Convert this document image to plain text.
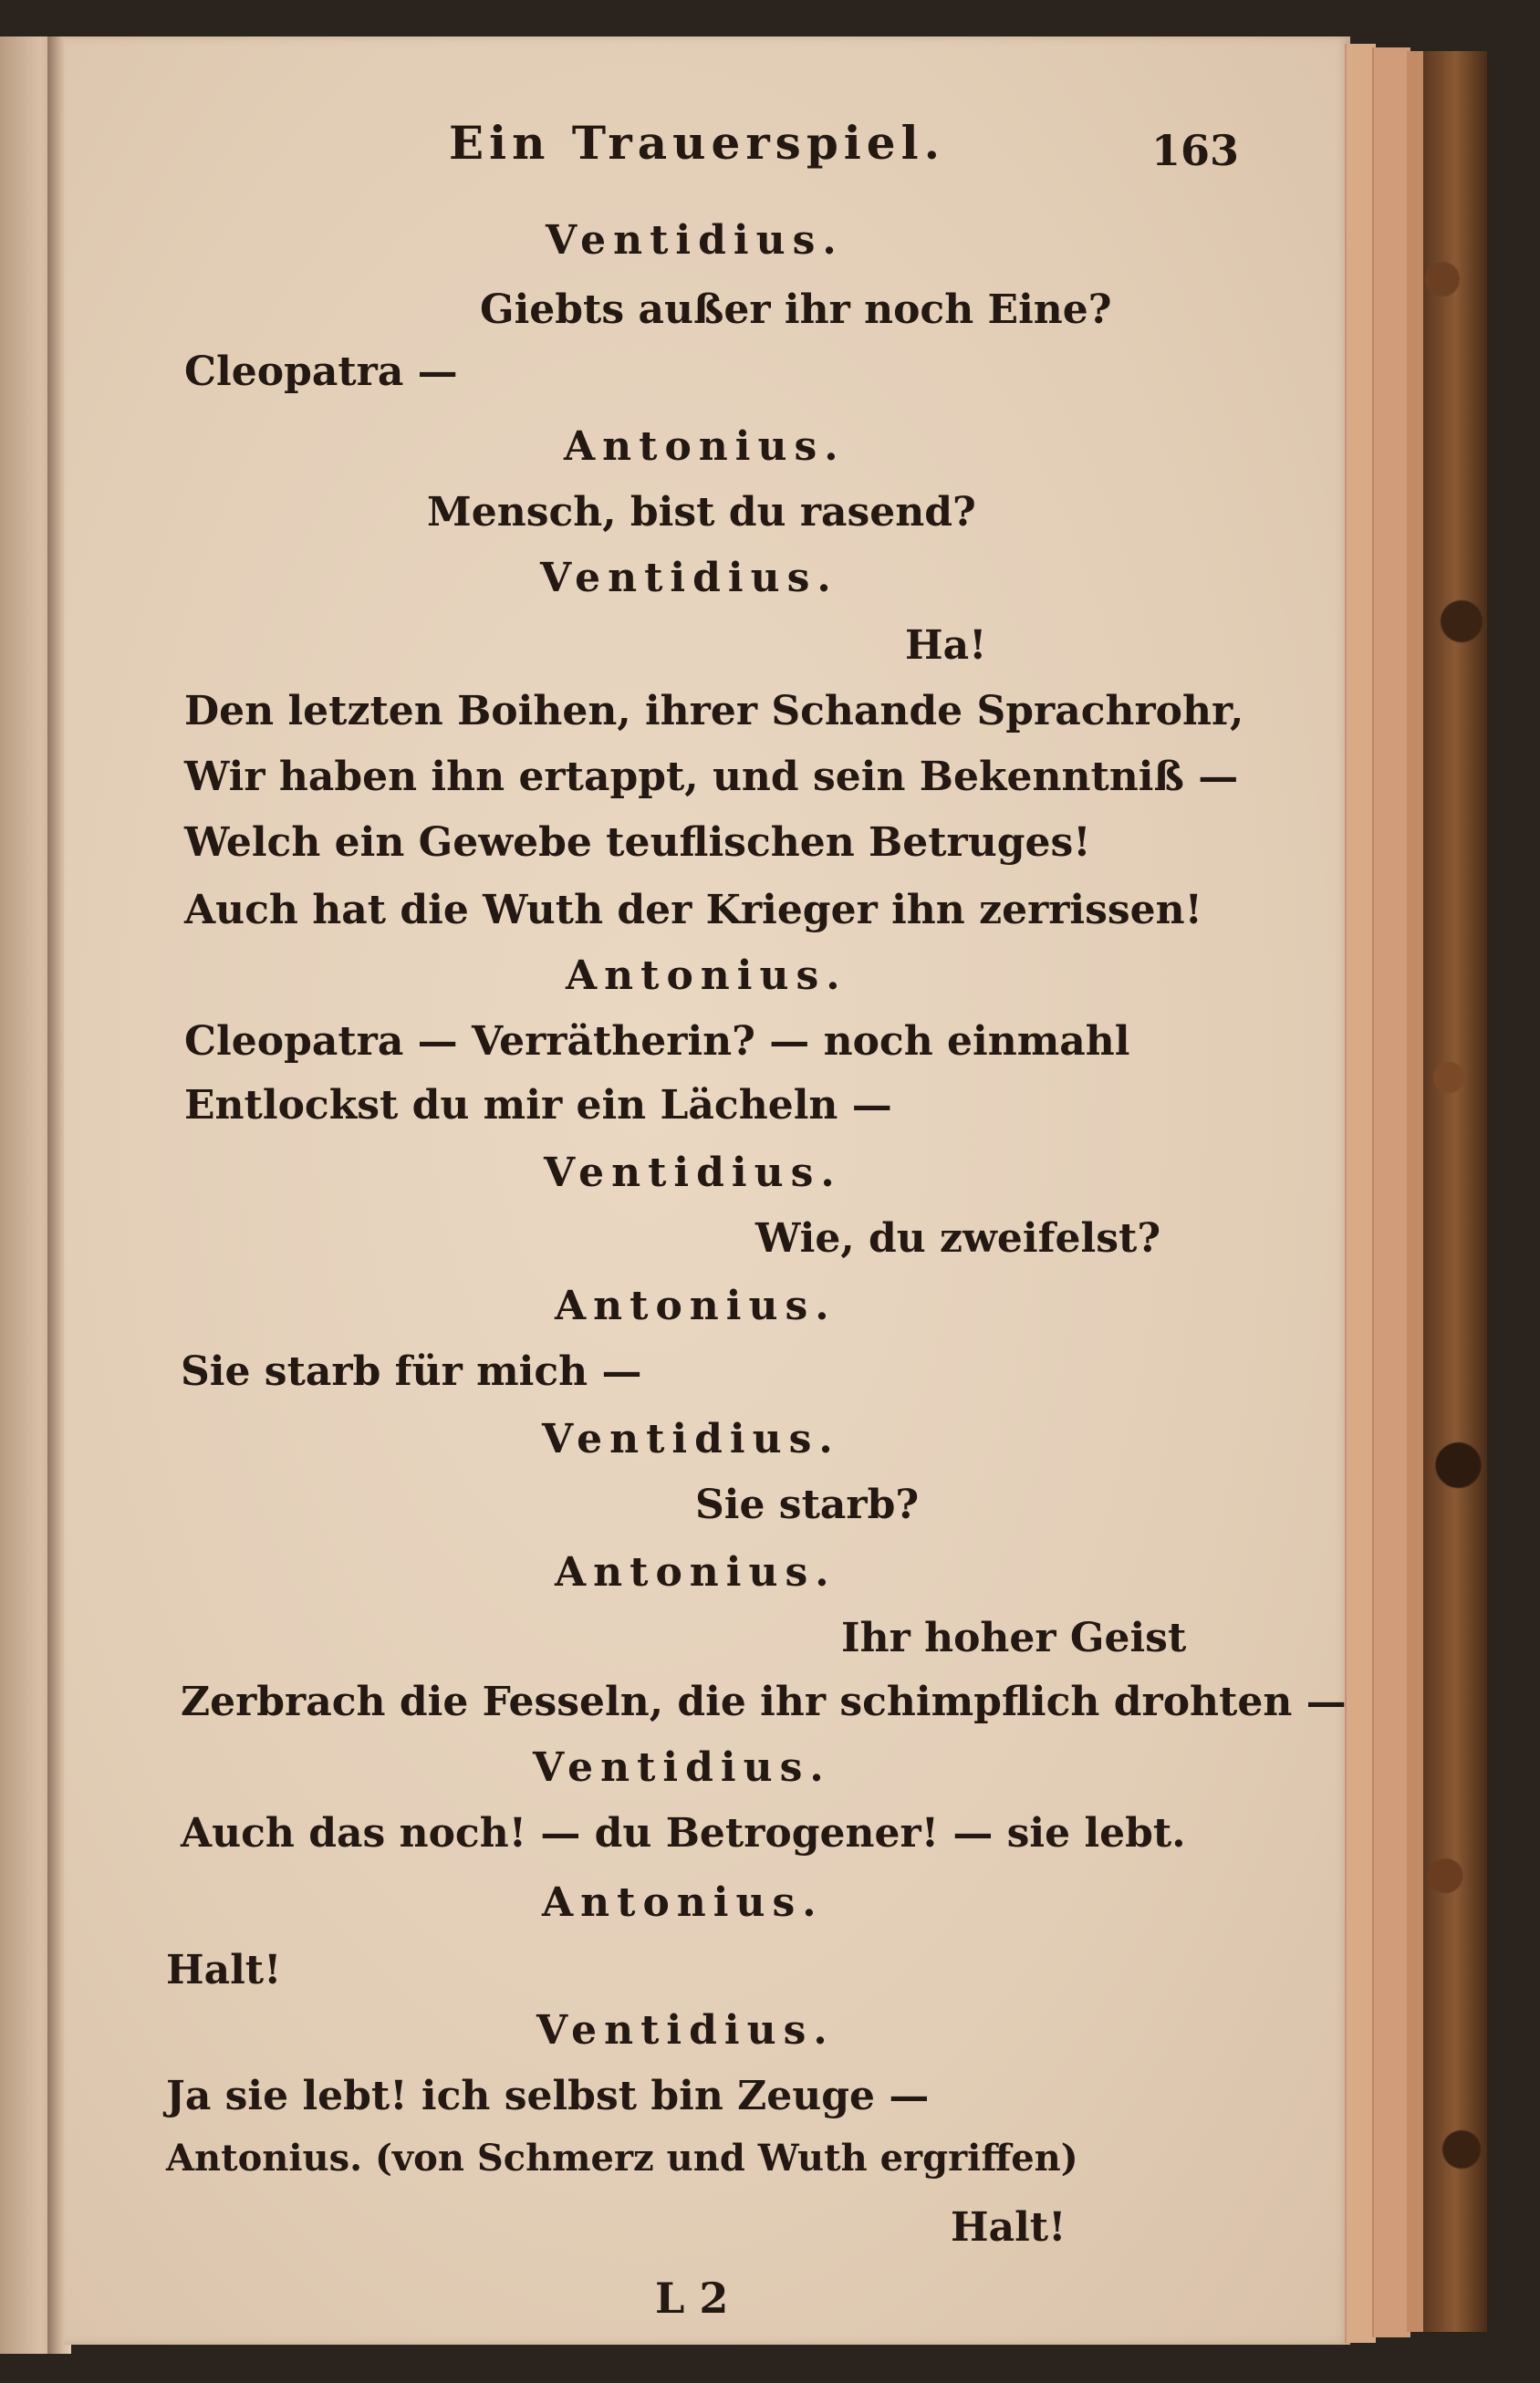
Ein Trauerspiel.	163
Ventidius.
Giebts außer ihr noch Eine?
Cleopatra —
Antonius.
Mensch, bist du rasend?
Ventidius.
Ha!
Den letzten Boihen, ihrer Schande Sprachrohr,
Wir haben ihn ertappt, und sein Bekenntniß —
Welch ein Gewebe teuflischen Betruges!
Auch hat die Wuth der Krieger ihn zerrissen!
Antonius.
Cleopatra — Verrätherin? — noch einmahl
Entlockst du mir ein Lächeln —
Ventidius.
Wie, du zweifelst?
Antonius.
Sie starb für mich —
Ventidius.
Sie starb?
Antonius.
Ihr hoher Geist
Zerbrach die Fesseln, die ihr schimpflich drohten —
Ventidius.
Auch das noch! — du Betrogener! — sie lebt.
Antonius.
Halt!
Ventidius.
Ja sie lebt! ich selbst bin Zeuge —
Antonius. (von Schmerz und Wuth ergriffen)
Halt!
L 2
